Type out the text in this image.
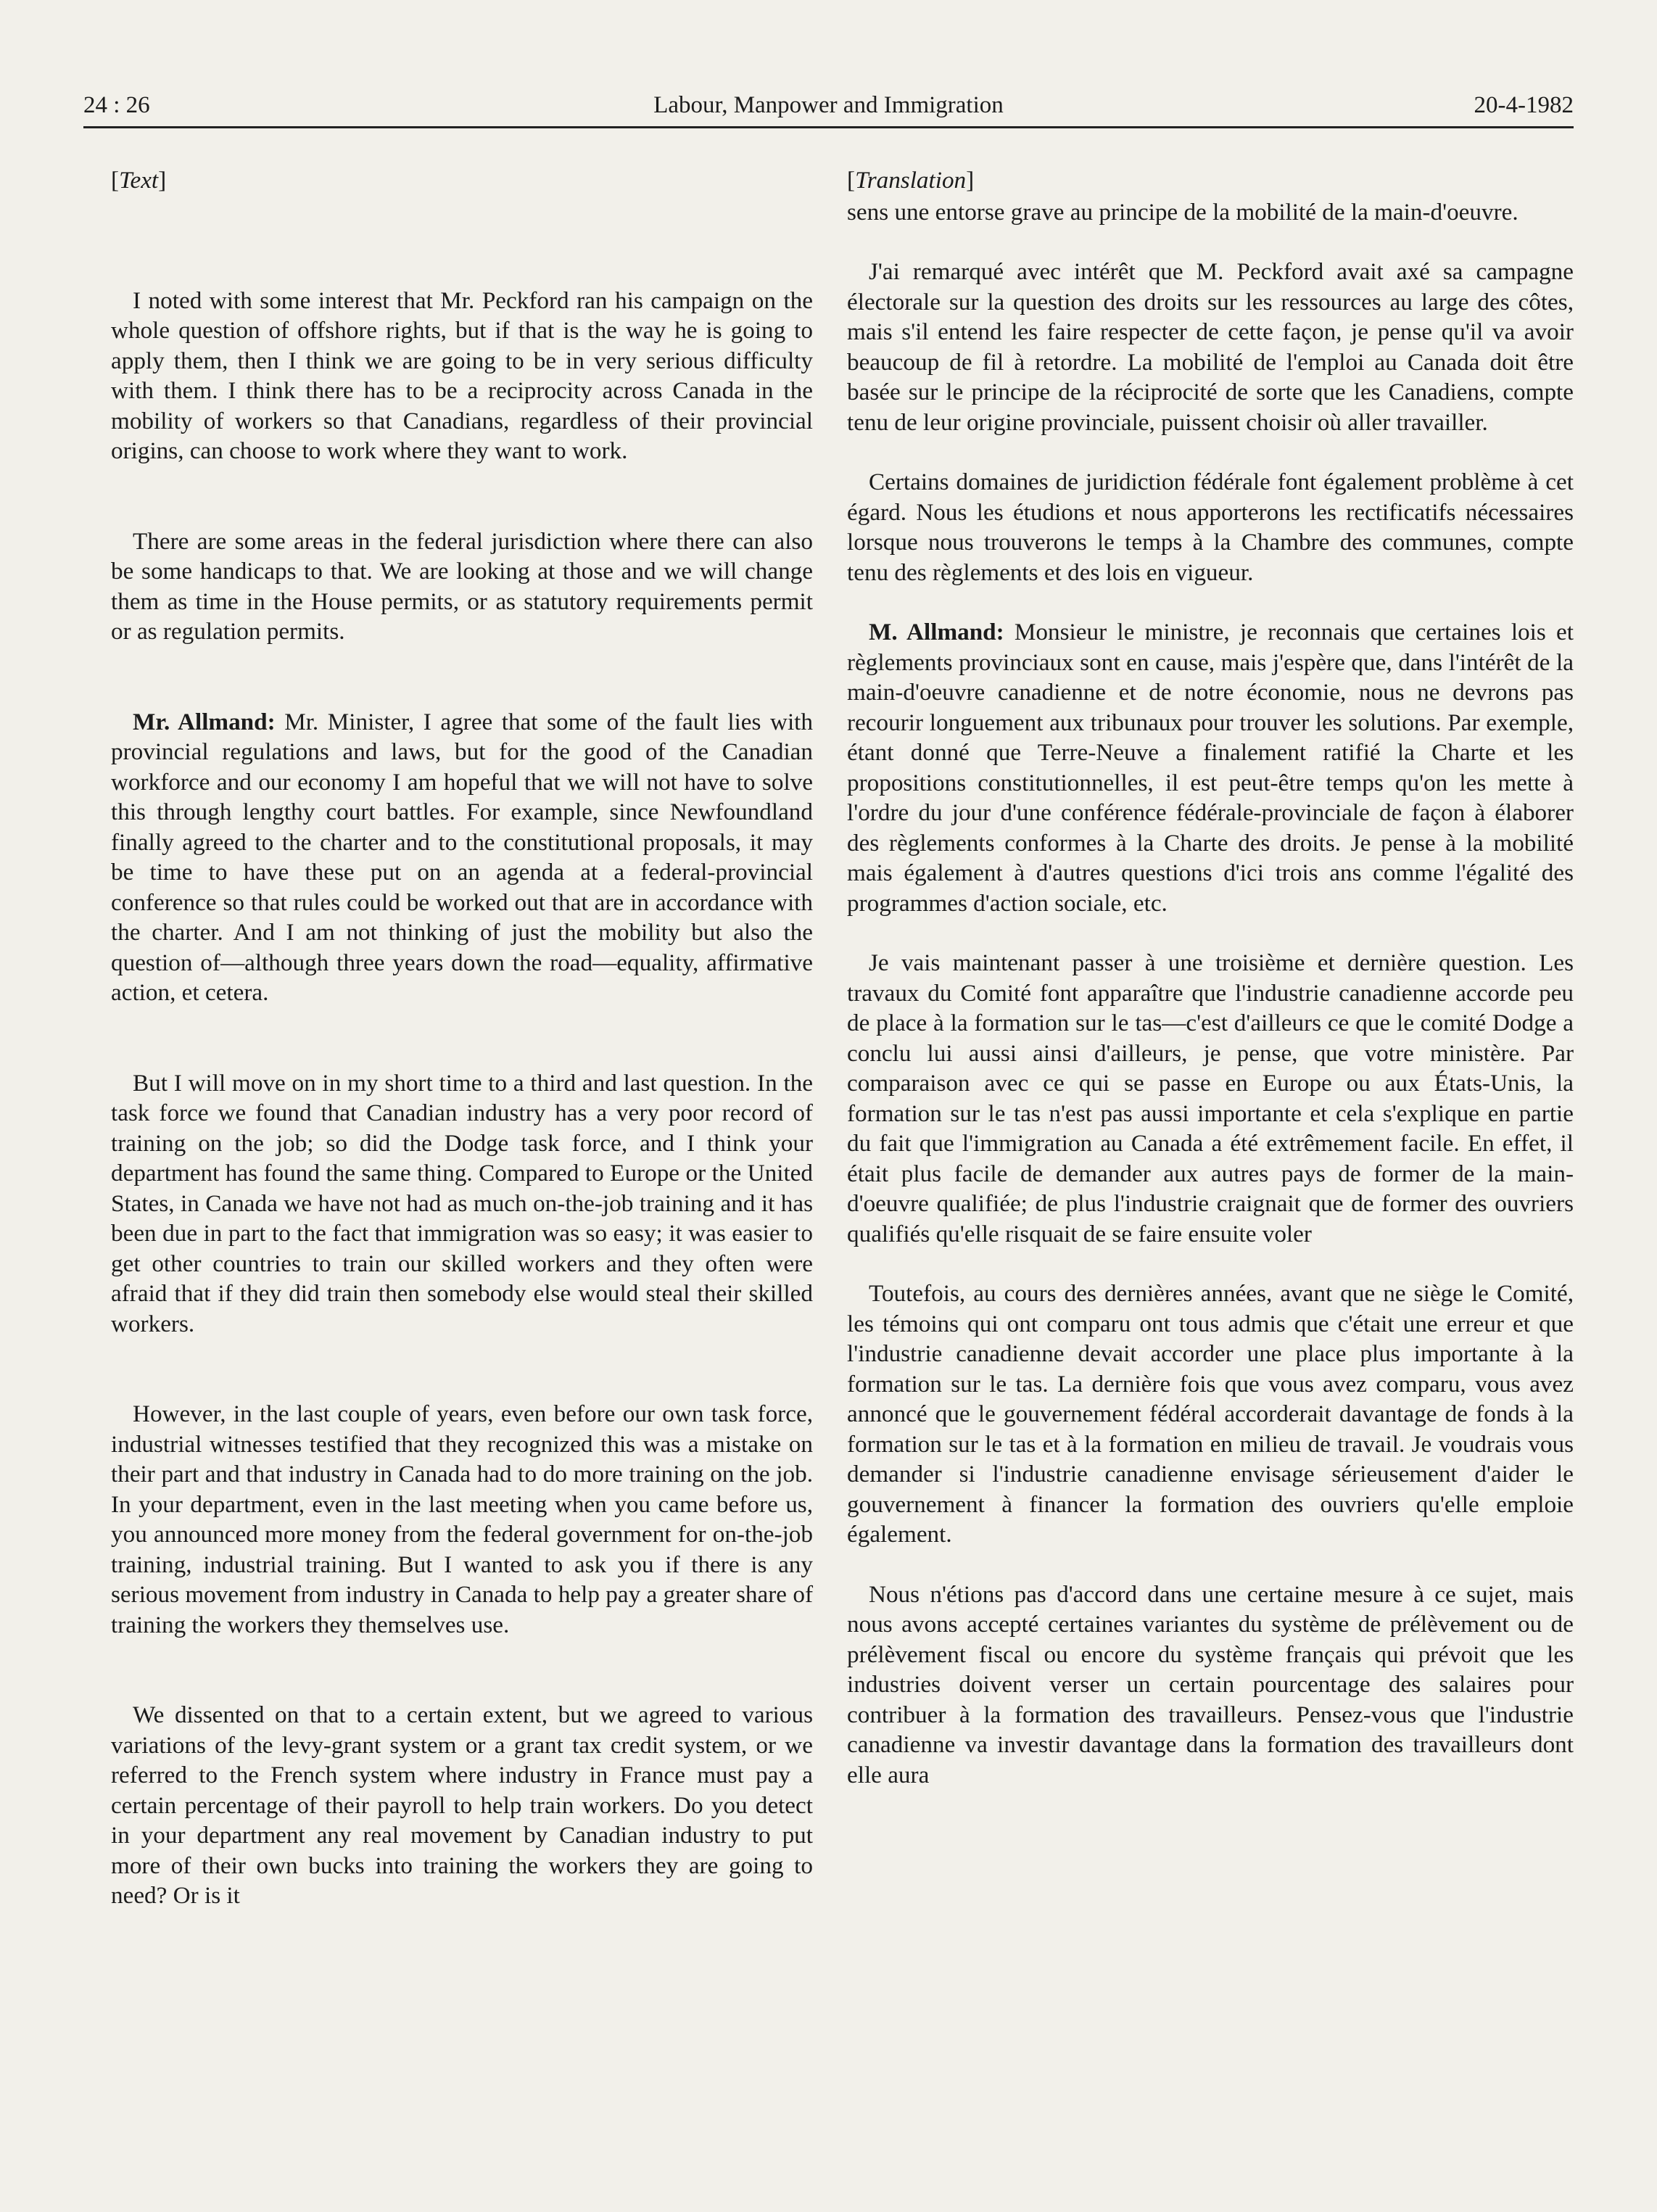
24 : 26	Labour, Manpower and Immigration	20-4-1982
[Text]

I noted with some interest that Mr. Peckford ran his campaign on the whole question of offshore rights, but if that is the way he is going to apply them, then I think we are going to be in very serious difficulty with them. I think there has to be a reciprocity across Canada in the mobility of workers so that Canadians, regardless of their provincial origins, can choose to work where they want to work.

There are some areas in the federal jurisdiction where there can also be some handicaps to that. We are looking at those and we will change them as time in the House permits, or as statutory requirements permit or as regulation permits.

Mr. Allmand: Mr. Minister, I agree that some of the fault lies with provincial regulations and laws, but for the good of the Canadian workforce and our economy I am hopeful that we will not have to solve this through lengthy court battles. For example, since Newfoundland finally agreed to the charter and to the constitutional proposals, it may be time to have these put on an agenda at a federal-provincial conference so that rules could be worked out that are in accordance with the charter. And I am not thinking of just the mobility but also the question of—although three years down the road—equality, affirmative action, et cetera.

But I will move on in my short time to a third and last question. In the task force we found that Canadian industry has a very poor record of training on the job; so did the Dodge task force, and I think your department has found the same thing. Compared to Europe or the United States, in Canada we have not had as much on-the-job training and it has been due in part to the fact that immigration was so easy; it was easier to get other countries to train our skilled workers and they often were afraid that if they did train then somebody else would steal their skilled workers.

However, in the last couple of years, even before our own task force, industrial witnesses testified that they recognized this was a mistake on their part and that industry in Canada had to do more training on the job. In your department, even in the last meeting when you came before us, you announced more money from the federal government for on-the-job training, industrial training. But I wanted to ask you if there is any serious movement from industry in Canada to help pay a greater share of training the workers they themselves use.

We dissented on that to a certain extent, but we agreed to various variations of the levy-grant system or a grant tax credit system, or we referred to the French system where industry in France must pay a certain percentage of their payroll to help train workers. Do you detect in your department any real movement by Canadian industry to put more of their own bucks into training the workers they are going to need? Or is it

[Translation]

sens une entorse grave au principe de la mobilité de la main-d'oeuvre.

J'ai remarqué avec intérêt que M. Peckford avait axé sa campagne électorale sur la question des droits sur les ressources au large des côtes, mais s'il entend les faire respecter de cette façon, je pense qu'il va avoir beaucoup de fil à retordre. La mobilité de l'emploi au Canada doit être basée sur le principe de la réciprocité de sorte que les Canadiens, compte tenu de leur origine provinciale, puissent choisir où aller travailler.

Certains domaines de juridiction fédérale font également problème à cet égard. Nous les étudions et nous apporterons les rectificatifs nécessaires lorsque nous trouverons le temps à la Chambre des communes, compte tenu des règlements et des lois en vigueur.

M. Allmand: Monsieur le ministre, je reconnais que certaines lois et règlements provinciaux sont en cause, mais j'espère que, dans l'intérêt de la main-d'oeuvre canadienne et de notre économie, nous ne devrons pas recourir longuement aux tribunaux pour trouver les solutions. Par exemple, étant donné que Terre-Neuve a finalement ratifié la Charte et les propositions constitutionnelles, il est peut-être temps qu'on les mette à l'ordre du jour d'une conférence fédérale-provinciale de façon à élaborer des règlements conformes à la Charte des droits. Je pense à la mobilité mais également à d'autres questions d'ici trois ans comme l'égalité des programmes d'action sociale, etc.

Je vais maintenant passer à une troisième et dernière question. Les travaux du Comité font apparaître que l'industrie canadienne accorde peu de place à la formation sur le tas—c'est d'ailleurs ce que le comité Dodge a conclu lui aussi ainsi d'ailleurs, je pense, que votre ministère. Par comparaison avec ce qui se passe en Europe ou aux États-Unis, la formation sur le tas n'est pas aussi importante et cela s'explique en partie du fait que l'immigration au Canada a été extrêmement facile. En effet, il était plus facile de demander aux autres pays de former de la main-d'oeuvre qualifiée; de plus l'industrie craignait que de former des ouvriers qualifiés qu'elle risquait de se faire ensuite voler

Toutefois, au cours des dernières années, avant que ne siège le Comité, les témoins qui ont comparu ont tous admis que c'était une erreur et que l'industrie canadienne devait accorder une place plus importante à la formation sur le tas. La dernière fois que vous avez comparu, vous avez annoncé que le gouvernement fédéral accorderait davantage de fonds à la formation sur le tas et à la formation en milieu de travail. Je voudrais vous demander si l'industrie canadienne envisage sérieusement d'aider le gouvernement à financer la formation des ouvriers qu'elle emploie également.

Nous n'étions pas d'accord dans une certaine mesure à ce sujet, mais nous avons accepté certaines variantes du système de prélèvement ou de prélèvement fiscal ou encore du système français qui prévoit que les industries doivent verser un certain pourcentage des salaires pour contribuer à la formation des travailleurs. Pensez-vous que l'industrie canadienne va investir davantage dans la formation des travailleurs dont elle aura
